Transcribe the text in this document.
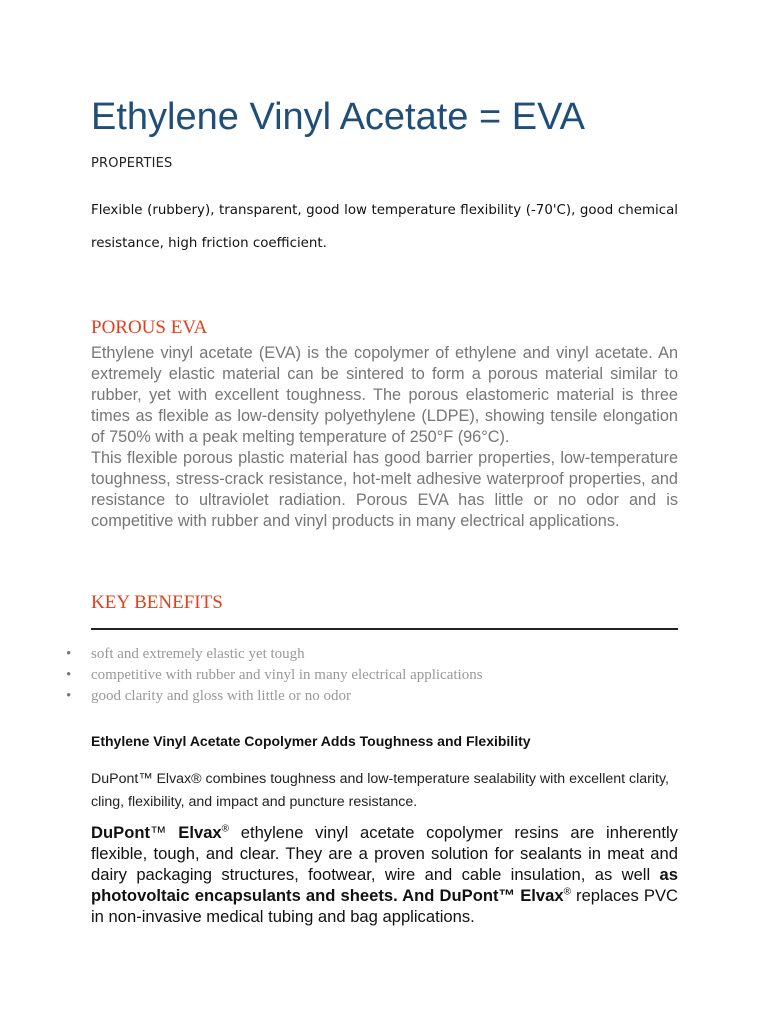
Ethylene Vinyl Acetate = EVA
PROPERTIES

Flexible (rubbery), transparent, good low temperature flexibility (-70'C), good chemical resistance, high friction coefficient.

POROUS EVA

Ethylene vinyl acetate (EVA) is the copolymer of ethylene and vinyl acetate. An extremely elastic material can be sintered to form a porous material similar to rubber, yet with excellent toughness. The porous elastomeric material is three times as flexible as low-density polyethylene (LDPE), showing tensile elongation of 750% with a peak melting temperature of 250°F (96°C).

This flexible porous plastic material has good barrier properties, low-temperature toughness, stress-crack resistance, hot-melt adhesive waterproof properties, and resistance to ultraviolet radiation. Porous EVA has little or no odor and is competitive with rubber and vinyl products in many electrical applications.

KEY BENEFITS
• soft and extremely elastic yet tough
• competitive with rubber and vinyl in many electrical applications
• good clarity and gloss with little or no odor
Ethylene Vinyl Acetate Copolymer Adds Toughness and Flexibility

DuPont™ Elvax® combines toughness and low-temperature sealability with excellent clarity, cling, flexibility, and impact and puncture resistance.

DuPont™ Elvax® ethylene vinyl acetate copolymer resins are inherently flexible, tough, and clear. They are a proven solution for sealants in meat and dairy packaging structures, footwear, wire and cable insulation, as well as photovoltaic encapsulants and sheets. And DuPont™ Elvax® replaces PVC in non-invasive medical tubing and bag applications.
